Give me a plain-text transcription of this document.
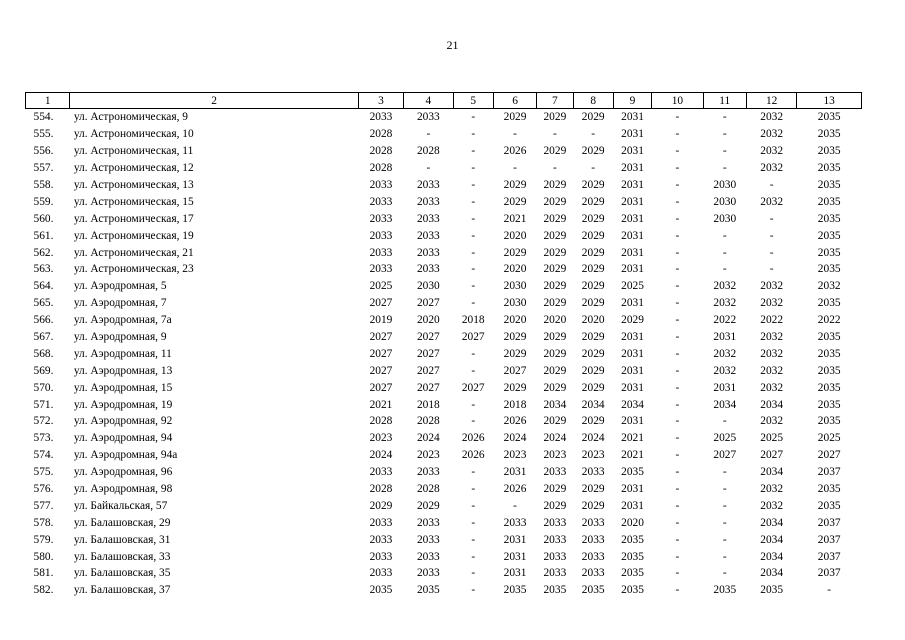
21
1	2	3	4	5	6	7	8	9	10	11	12	13
554.	ул. Астрономическая, 9	2033	2033	-	2029	2029	2029	2031	-	-	2032	2035
555.	ул. Астрономическая, 10	2028	-	-	-	-	-	2031	-	-	2032	2035
556.	ул. Астрономическая, 11	2028	2028	-	2026	2029	2029	2031	-	-	2032	2035
557.	ул. Астрономическая, 12	2028	-	-	-	-	-	2031	-	-	2032	2035
558.	ул. Астрономическая, 13	2033	2033	-	2029	2029	2029	2031	-	2030	-	2035
559.	ул. Астрономическая, 15	2033	2033	-	2029	2029	2029	2031	-	2030	2032	2035
560.	ул. Астрономическая, 17	2033	2033	-	2021	2029	2029	2031	-	2030	-	2035
561.	ул. Астрономическая, 19	2033	2033	-	2020	2029	2029	2031	-	-	-	2035
562.	ул. Астрономическая, 21	2033	2033	-	2029	2029	2029	2031	-	-	-	2035
563.	ул. Астрономическая, 23	2033	2033	-	2020	2029	2029	2031	-	-	-	2035
564.	ул. Аэродромная, 5	2025	2030	-	2030	2029	2029	2025	-	2032	2032	2032
565.	ул. Аэродромная, 7	2027	2027	-	2030	2029	2029	2031	-	2032	2032	2035
566.	ул. Аэродромная, 7а	2019	2020	2018	2020	2020	2020	2029	-	2022	2022	2022
567.	ул. Аэродромная, 9	2027	2027	2027	2029	2029	2029	2031	-	2031	2032	2035
568.	ул. Аэродромная, 11	2027	2027	-	2029	2029	2029	2031	-	2032	2032	2035
569.	ул. Аэродромная, 13	2027	2027	-	2027	2029	2029	2031	-	2032	2032	2035
570.	ул. Аэродромная, 15	2027	2027	2027	2029	2029	2029	2031	-	2031	2032	2035
571.	ул. Аэродромная, 19	2021	2018	-	2018	2034	2034	2034	-	2034	2034	2035
572.	ул. Аэродромная, 92	2028	2028	-	2026	2029	2029	2031	-	-	2032	2035
573.	ул. Аэродромная, 94	2023	2024	2026	2024	2024	2024	2021	-	2025	2025	2025
574.	ул. Аэродромная, 94а	2024	2023	2026	2023	2023	2023	2021	-	2027	2027	2027
575.	ул. Аэродромная, 96	2033	2033	-	2031	2033	2033	2035	-	-	2034	2037
576.	ул. Аэродромная, 98	2028	2028	-	2026	2029	2029	2031	-	-	2032	2035
577.	ул. Байкальская, 57	2029	2029	-	-	2029	2029	2031	-	-	2032	2035
578.	ул. Балашовская, 29	2033	2033	-	2033	2033	2033	2020	-	-	2034	2037
579.	ул. Балашовская, 31	2033	2033	-	2031	2033	2033	2035	-	-	2034	2037
580.	ул. Балашовская, 33	2033	2033	-	2031	2033	2033	2035	-	-	2034	2037
581.	ул. Балашовская, 35	2033	2033	-	2031	2033	2033	2035	-	-	2034	2037
582.	ул. Балашовская, 37	2035	2035	-	2035	2035	2035	2035	-	2035	2035	-
